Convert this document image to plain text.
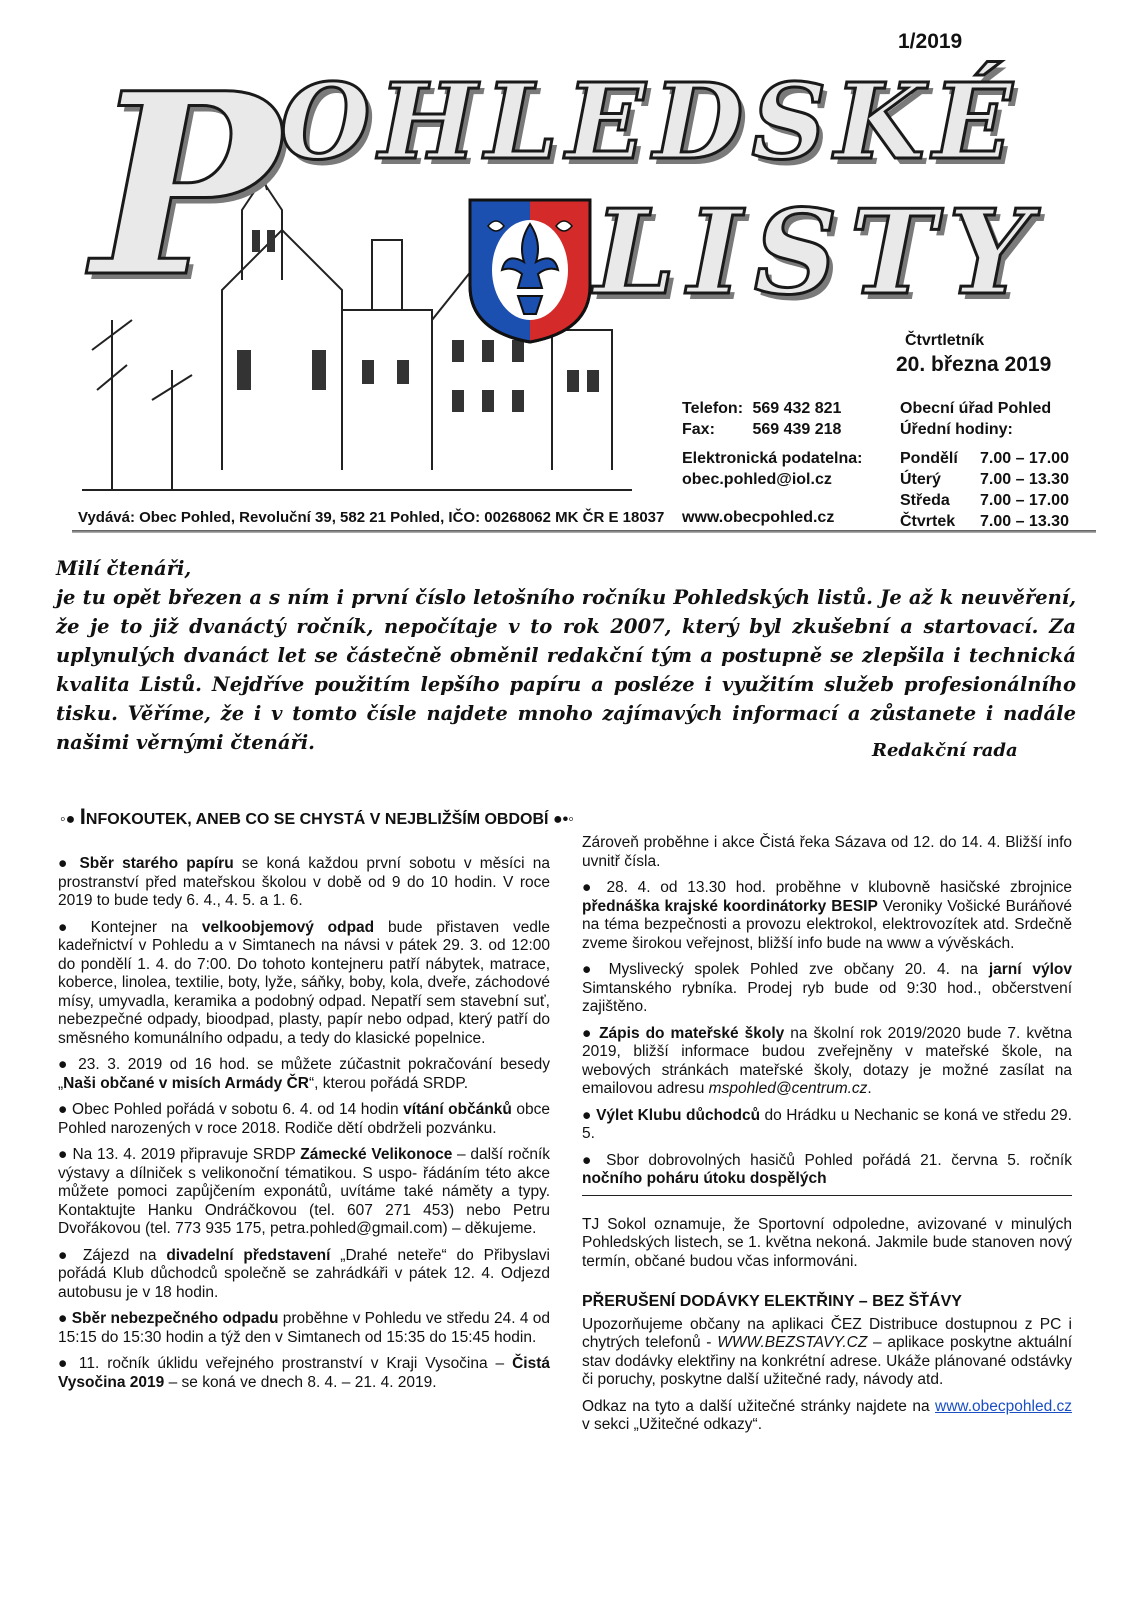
1/2019
P OHLEDSKÉ
LISTY
Čtvrtletník
20. března 2019
Telefon: 569 432 821
Fax: 569 439 218
Elektronická podatelna:
obec.pohled@iol.cz
Obecní úřad Pohled
Úřední hodiny:
Pondělí 7.00 – 17.00
Úterý 7.00 – 13.30
Středa 7.00 – 17.00
Čtvrtek 7.00 – 13.30
Vydává: Obec Pohled, Revoluční 39, 582 21 Pohled, IČO: 00268062 MK ČR E 18037 www.obecpohled.cz

Milí čtenáři,

je tu opět březen a s ním i první číslo letošního ročníku Pohledských listů. Je až k neuvěření, že je to již dvanáctý ročník, nepočítaje v to rok 2007, který byl zkušební a startovací. Za uplynulých dvanáct let se částečně obměnil redakční tým a postupně se zlepšila i technická kvalita Listů. Nejdříve použitím lepšího papíru a posléze i využitím služeb profesionálního tisku. Věříme, že i v tomto čísle najdete mnoho zajímavých informací a zůstanete i nadále našimi věrnými čtenáři.	Redakční rada
◦● INFOKOUTEK, ANEB CO SE CHYSTÁ V NEJBLIŽŠÍM OBDOBÍ ●•◦

● Sběr starého papíru se koná každou první sobotu v měsíci na prostranství před mateřskou školou v době od 9 do 10 hodin. V roce 2019 to bude tedy 6. 4., 4. 5. a 1. 6.

● Kontejner na velkoobjemový odpad bude přistaven vedle kadeřnictví v Pohledu a v Simtanech na návsi v pátek 29. 3. od 12:00 do pondělí 1. 4. do 7:00. Do tohoto kontejneru patří nábytek, matrace, koberce, linolea, textilie, boty, lyže, sáňky, boby, kola, dveře, záchodové mísy, umyvadla, keramika a podobný odpad. Nepatří sem stavební suť, nebezpečné odpady, bioodpad, plasty, papír nebo odpad, který patří do směsného komunálního odpadu, a tedy do klasické popelnice.

● 23. 3. 2019 od 16 hod. se můžete zúčastnit pokračování besedy „Naši občané v misích Armády ČR“, kterou pořádá SRDP.

● Obec Pohled pořádá v sobotu 6. 4. od 14 hodin vítání občánků obce Pohled narozených v roce 2018. Rodiče dětí obdrželi pozvánku.

● Na 13. 4. 2019 připravuje SRDP Zámecké Velikonoce – další ročník výstavy a dílniček s velikonoční tématikou. S uspo- řádáním této akce můžete pomoci zapůjčením exponátů, uvítáme také náměty a typy. Kontaktujte Hanku Ondráčkovou (tel. 607 271 453) nebo Petru Dvořákovou (tel. 773 935 175, petra.pohled@gmail.com) – děkujeme.

● Zájezd na divadelní představení „Drahé neteře“ do Přibyslavi pořádá Klub důchodců společně se zahrádkáři v pátek 12. 4. Odjezd autobusu je v 18 hodin.

● Sběr nebezpečného odpadu proběhne v Pohledu ve středu 24. 4 od 15:15 do 15:30 hodin a týž den v Simtanech od 15:35 do 15:45 hodin.

● 11. ročník úklidu veřejného prostranství v Kraji Vysočina – Čistá Vysočina 2019 – se koná ve dnech 8. 4. – 21. 4. 2019.

Zároveň proběhne i akce Čistá řeka Sázava od 12. do 14. 4. Bližší info uvnitř čísla.

● 28. 4. od 13.30 hod. proběhne v klubovně hasičské zbrojnice přednáška krajské koordinátorky BESIP Veroniky Vošické Buráňové na téma bezpečnosti a provozu elektrokol, elektrovozítek atd. Srdečně zveme širokou veřejnost, bližší info bude na www a vývěskách.

● Myslivecký spolek Pohled zve občany 20. 4. na jarní výlov Simtanského rybníka. Prodej ryb bude od 9:30 hod., občerstvení zajištěno.

● Zápis do mateřské školy na školní rok 2019/2020 bude 7. května 2019, bližší informace budou zveřejněny v mateřské škole, na webových stránkách mateřské školy, dotazy je možné zasílat na emailovou adresu mspohled@centrum.cz.

● Výlet Klubu důchodců do Hrádku u Nechanic se koná ve středu 29. 5.

● Sbor dobrovolných hasičů Pohled pořádá 21. června 5. ročník nočního poháru útoku dospělých

TJ Sokol oznamuje, že Sportovní odpoledne, avizované v minulých Pohledských listech, se 1. května nekoná. Jakmile bude stanoven nový termín, občané budou včas informováni.

PŘERUŠENÍ DODÁVKY ELEKTŘINY – BEZ ŠŤÁVY

Upozorňujeme občany na aplikaci ČEZ Distribuce dostupnou z PC i chytrých telefonů - WWW.BEZSTAVY.CZ – aplikace poskytne aktuální stav dodávky elektřiny na konkrétní adrese. Ukáže plánované odstávky či poruchy, poskytne další užitečné rady, návody atd.

Odkaz na tyto a další užitečné stránky najdete na www.obecpohled.cz v sekci „Užitečné odkazy“.
